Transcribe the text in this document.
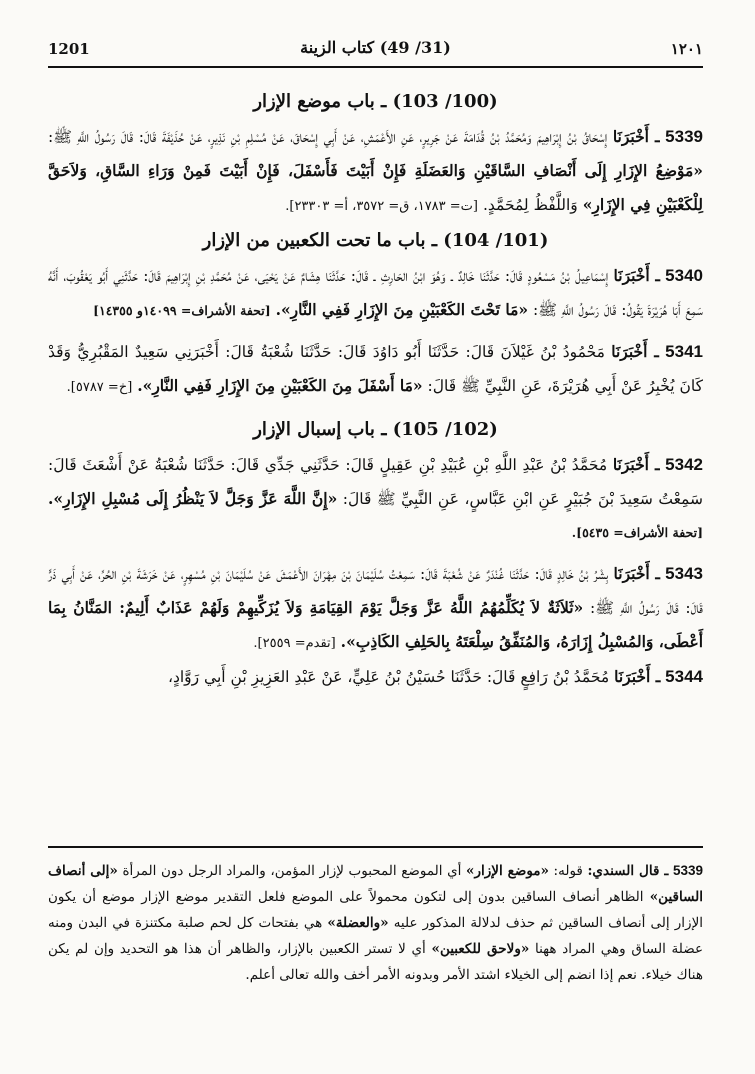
1201	(31/ 49) كتاب الزينة	١٢٠١
(100/ 103) ـ باب موضع الإزار

5339 ـ أَخْبَرَنَا إِسْحَاقُ بْنُ إِبْرَاهِيمَ وَمُحَمَّدُ بْنُ قُدَامَةَ عَنْ جَرِيرٍ، عَنِ الأَعْمَشِ، عَنْ أَبِي إِسْحَاقَ، عَنْ مُسْلِمِ بْنِ نَذِيرٍ، عَنْ حُذَيْفَةَ قَالَ: قَالَ رَسُولُ اللَّهِ ﷺ: «مَوْضِعُ الإِزَارِ إِلَى أَنْصَافِ السَّاقَيْنِ وَالعَضَلَةِ فَإِنْ أَبَيْتَ فَأَسْفَلَ، فَإِنْ أَبَيْتَ فَمِنْ وَرَاءِ السَّاقِ، وَلاَحَقَّ لِلْكَعْبَيْنِ فِي الإِزَارِ» وَاللَّفْظُ لِمُحَمَّدٍ. [ت= ١٧٨٣، ق= ٣٥٧٢، أ= ٢٣٣٠٣].

(101/ 104) ـ باب ما تحت الكعبين من الإزار

5340 ـ أَخْبَرَنَا إِسْمَاعِيلُ بْنُ مَسْعُودٍ قَالَ: حَدَّثَنَا خَالِدٌ ـ وَهُوَ ابْنُ الحَارِثِ ـ قَالَ: حَدَّثَنَا هِشَامٌ عَنْ يَحْيَى، عَنْ مُحَمَّدِ بْنِ إِبْرَاهِيمَ قَالَ: حَدَّثَنِي أَبُو يَعْقُوبَ، أَنَّهُ سَمِعَ أَبَا هُرَيْرَةَ يَقُولُ: قَالَ رَسُولُ اللَّهِ ﷺ: «مَا تَحْتَ الكَعْبَيْنِ مِنَ الإِزَارِ فَفِي النَّارِ». [تحفة الأشراف= ١٤٠٩٩و ١٤٣٥٥]

5341 ـ أَخْبَرَنَا مَحْمُودُ بْنُ غَيْلاَنَ قَالَ: حَدَّثَنَا أَبُو دَاوُدَ قَالَ: حَدَّثَنَا شُعْبَةُ قَالَ: أَخْبَرَنِي سَعِيدٌ المَقْبُرِيُّ وَقَدْ كَانَ يُخْبِرُ عَنْ أَبِي هُرَيْرَةَ، عَنِ النَّبِيِّ ﷺ قَالَ: «مَا أَسْفَلَ مِنَ الكَعْبَيْنِ مِنَ الإِزَارِ فَفِي النَّارِ». [خ= ٥٧٨٧].

(102/ 105) ـ باب إسبال الإزار

5342 ـ أَخْبَرَنَا مُحَمَّدُ بْنُ عَبْدِ اللَّهِ بْنِ عُبَيْدِ بْنِ عَقِيلٍ قَالَ: حَدَّثَنِي جَدِّي قَالَ: حَدَّثَنَا شُعْبَةُ عَنْ أَشْعَثَ قَالَ: سَمِعْتُ سَعِيدَ بْنَ جُبَيْرٍ عَنِ ابْنِ عَبَّاسٍ، عَنِ النَّبِيِّ ﷺ قَالَ: «إِنَّ اللَّهَ عَزَّ وَجَلَّ لاَ يَنْظُرُ إِلَى مُسْبِلِ الإِزَارِ». [تحفة الأشراف= ٥٤٣٥].

5343 ـ أَخْبَرَنَا بِشْرُ بْنُ خَالِدٍ قَالَ: حَدَّثَنَا غُنْدَرٌ عَنْ شُعْبَةَ قَالَ: سَمِعْتُ سُلَيْمَانَ بْنَ مِهْرَانَ الأَعْمَشَ عَنْ سُلَيْمَانَ بْنِ مُسْهِرٍ، عَنْ خَرَشَةَ بْنِ الحُرِّ، عَنْ أَبِي ذَرٍّ قَالَ: قَالَ رَسُولُ اللَّهِ ﷺ: «ثَلاَثَةٌ لاَ يُكَلِّمُهُمُ اللَّهُ عَزَّ وَجَلَّ يَوْمَ القِيَامَةِ وَلاَ يُزَكِّيهِمْ وَلَهُمْ عَذَابٌ أَلِيمٌ: المَنَّانُ بِمَا أَعْطَى، وَالمُسْبِلُ إِزَارَهُ، وَالمُنَفِّقُ سِلْعَتَهُ بِالحَلِفِ الكَاذِبِ». [تقدم= ٢٥٥٩].

5344 ـ أَخْبَرَنَا مُحَمَّدُ بْنُ رَافِعٍ قَالَ: حَدَّثَنَا حُسَيْنُ بْنُ عَلِيٍّ، عَنْ عَبْدِ العَزِيزِ بْنِ أَبِي رَوَّادٍ،

5339 ـ قال السندي: قوله: «موضع الإزار» أي الموضع المحبوب لإزار المؤمن، والمراد الرجل دون المرأة «إلى أنصاف الساقين» الظاهر أنصاف الساقين بدون إلى لتكون محمولاً على الموضع فلعل التقدير موضع الإزار موضع أن يكون الإزار إلى أنصاف الساقين ثم حذف لدلالة المذكور عليه «والعضلة» هي بفتحات كل لحم صلبة مكتنزة في البدن ومنه عضلة الساق وهي المراد ههنا «ولاحق للكعبين» أي لا تستر الكعبين بالإزار، والظاهر أن هذا هو التحديد وإن لم يكن هناك خيلاء. نعم إذا انضم إلى الخيلاء اشتد الأمر وبدونه الأمر أخف والله تعالى أعلم.
